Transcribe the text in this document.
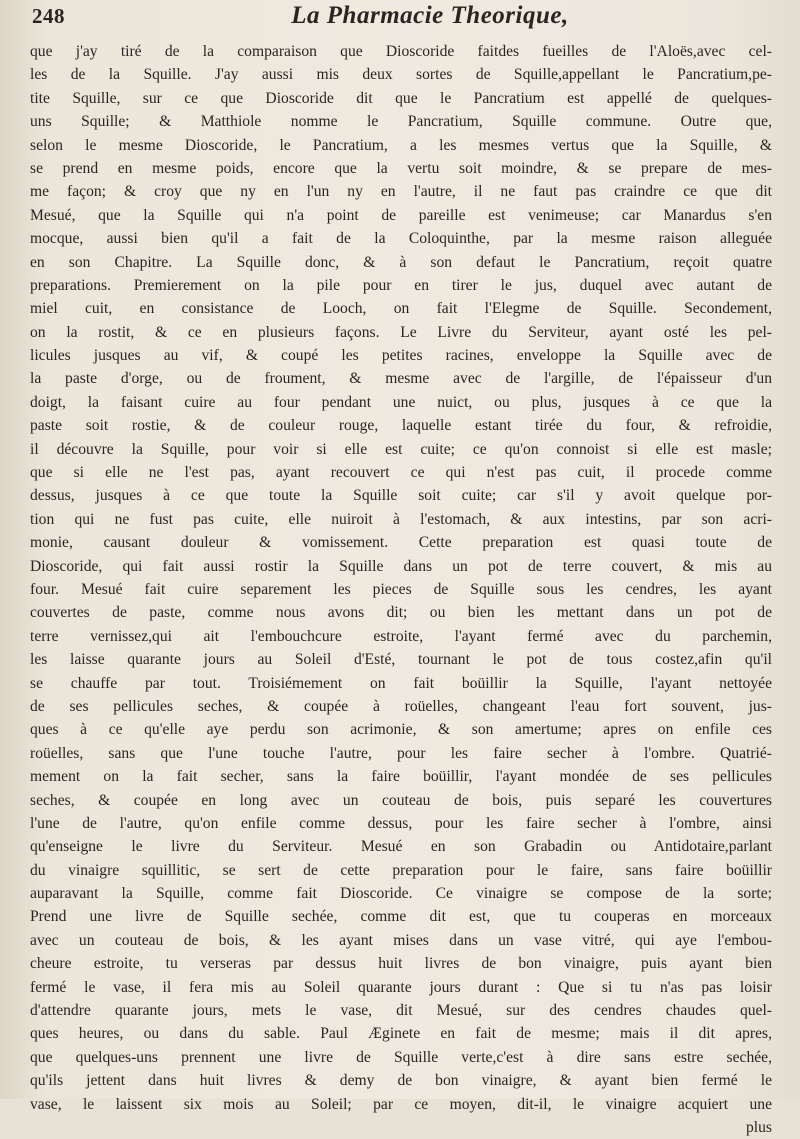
248	La Pharmacie Theorique,
que j'ay tiré de la comparaison que Dioscoride faitdes fueilles de l'Aloës,avec cel-
les de la Squille. J'ay aussi mis deux sortes de Squille,appellant le Pancratium,pe-
tite Squille, sur ce que Dioscoride dit que le Pancratium est appellé de quelques-
uns Squille; & Matthiole nomme le Pancratium, Squille commune. Outre que,
selon le mesme Dioscoride, le Pancratium, a les mesmes vertus que la Squille, &
se prend en mesme poids, encore que la vertu soit moindre, & se prepare de mes-
me façon; & croy que ny en l'un ny en l'autre, il ne faut pas craindre ce que dit
Mesué, que la Squille qui n'a point de pareille est venimeuse; car Manardus s'en
mocque, aussi bien qu'il a fait de la Coloquinthe, par la mesme raison alleguée
en son Chapitre. La Squille donc, & à son defaut le Pancratium, reçoit quatre
preparations. Premierement on la pile pour en tirer le jus, duquel avec autant de
miel cuit, en consistance de Looch, on fait l'Elegme de Squille. Secondement,
on la rostit, & ce en plusieurs façons. Le Livre du Serviteur, ayant osté les pel-
licules jusques au vif, & coupé les petites racines, enveloppe la Squille avec de
la paste d'orge, ou de froument, & mesme avec de l'argille, de l'épaisseur d'un
doigt, la faisant cuire au four pendant une nuict, ou plus, jusques à ce que la
paste soit rostie, & de couleur rouge, laquelle estant tirée du four, & refroidie,
il découvre la Squille, pour voir si elle est cuite; ce qu'on connoist si elle est masle;
que si elle ne l'est pas, ayant recouvert ce qui n'est pas cuit, il procede comme
dessus, jusques à ce que toute la Squille soit cuite; car s'il y avoit quelque por-
tion qui ne fust pas cuite, elle nuiroit à l'estomach, & aux intestins, par son acri-
monie, causant douleur & vomissement. Cette preparation est quasi toute de
Dioscoride, qui fait aussi rostir la Squille dans un pot de terre couvert, & mis au
four. Mesué fait cuire separement les pieces de Squille sous les cendres, les ayant
couvertes de paste, comme nous avons dit; ou bien les mettant dans un pot de
terre vernissez,qui ait l'embouchcure estroite, l'ayant fermé avec du parchemin,
les laisse quarante jours au Soleil d'Esté, tournant le pot de tous costez,afin qu'il
se chauffe par tout. Troisiémement on fait boüillir la Squille, l'ayant nettoyée
de ses pellicules seches, & coupée à roüelles, changeant l'eau fort souvent, jus-
ques à ce qu'elle aye perdu son acrimonie, & son amertume; apres on enfile ces
roüelles, sans que l'une touche l'autre, pour les faire secher à l'ombre. Quatrié-
mement on la fait secher, sans la faire boüillir, l'ayant mondée de ses pellicules
seches, & coupée en long avec un couteau de bois, puis separé les couvertures
l'une de l'autre, qu'on enfile comme dessus, pour les faire secher à l'ombre, ainsi
qu'enseigne le livre du Serviteur. Mesué en son Grabadin ou Antidotaire,parlant
du vinaigre squillitic, se sert de cette preparation pour le faire, sans faire boüillir
auparavant la Squille, comme fait Dioscoride. Ce vinaigre se compose de la sorte;
Prend une livre de Squille sechée, comme dit est, que tu couperas en morceaux
avec un couteau de bois, & les ayant mises dans un vase vitré, qui aye l'embou-
cheure estroite, tu verseras par dessus huit livres de bon vinaigre, puis ayant bien
fermé le vase, il fera mis au Soleil quarante jours durant : Que si tu n'as pas loisir
d'attendre quarante jours, mets le vase, dit Mesué, sur des cendres chaudes quel-
ques heures, ou dans du sable. Paul Æginete en fait de mesme; mais il dit apres,
que quelques-uns prennent une livre de Squille verte,c'est à dire sans estre sechée,
qu'ils jettent dans huit livres & demy de bon vinaigre, & ayant bien fermé le
vase, le laissent six mois au Soleil; par ce moyen, dit-il, le vinaigre acquiert une
plus
